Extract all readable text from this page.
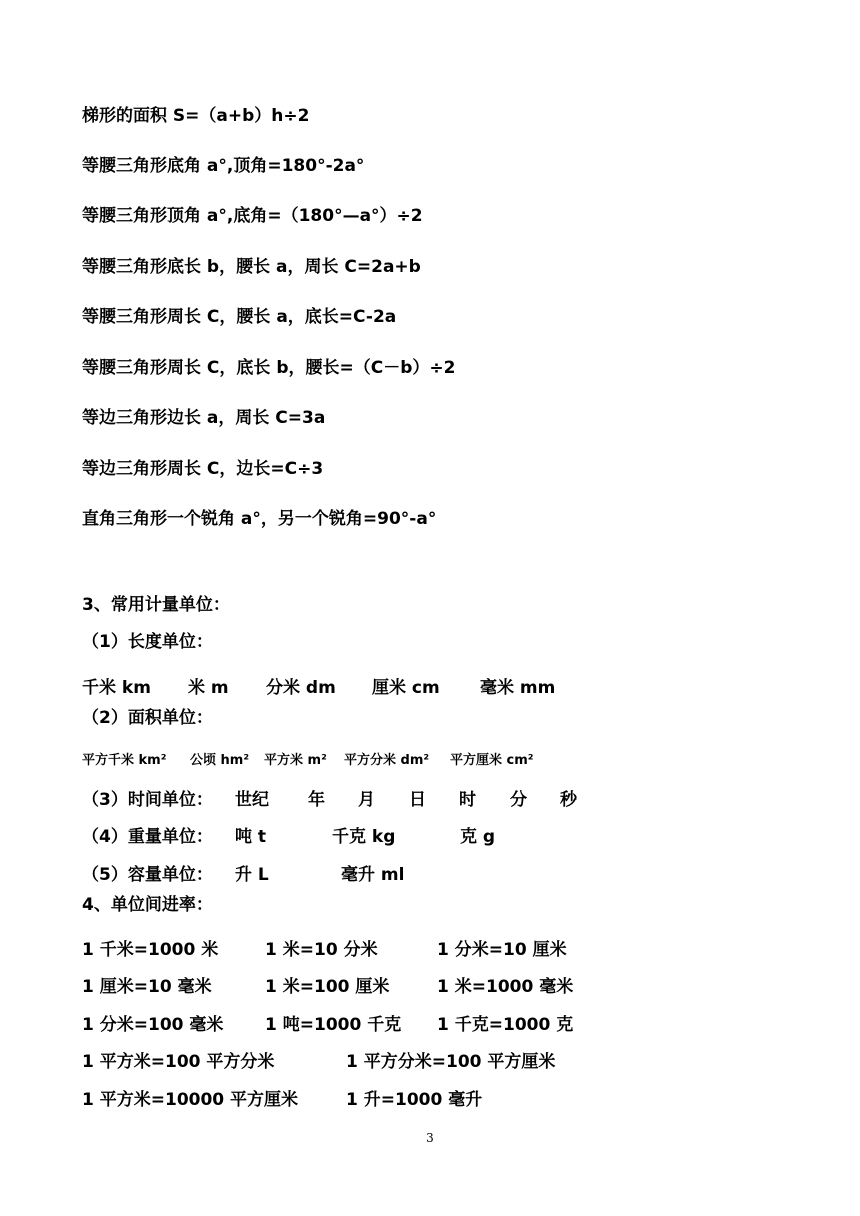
梯形的面积 S=（a+b）h÷2
等腰三角形底角 a°,顶角=180°-2a°
等腰三角形顶角 a°,底角=（180°—a°）÷2
等腰三角形底长 b，腰长 a，周长 C=2a+b
等腰三角形周长 C，腰长 a，底长=C-2a
等腰三角形周长 C，底长 b，腰长=（C－b）÷2
等边三角形边长 a，周长 C=3a
等边三角形周长 C，边长=C÷3
直角三角形一个锐角 a°，另一个锐角=90°-a°
3、常用计量单位：
（1）长度单位：
千米 km 米 m 分米 dm 厘米 cm 毫米 mm
（2）面积单位：
平方千米 km² 公顷 hm² 平方米 m² 平方分米 dm² 平方厘米 cm²
（3）时间单位： 世纪 年 月 日 时 分 秒
（4）重量单位： 吨 t	千克 kg	克 g
（5）容量单位： 升 L	毫升 ml
4、单位间进率：
1 千米=1000 米	1 米=10 分米	1 分米=10 厘米
1 厘米=10 毫米	1 米=100 厘米	1 米=1000 毫米
1 分米=100 毫米 1 吨=1000 千克 1 千克=1000 克
1 平方米=100 平方分米	1 平方分米=100 平方厘米
1 平方米=10000 平方厘米	1 升=1000 毫升
3
